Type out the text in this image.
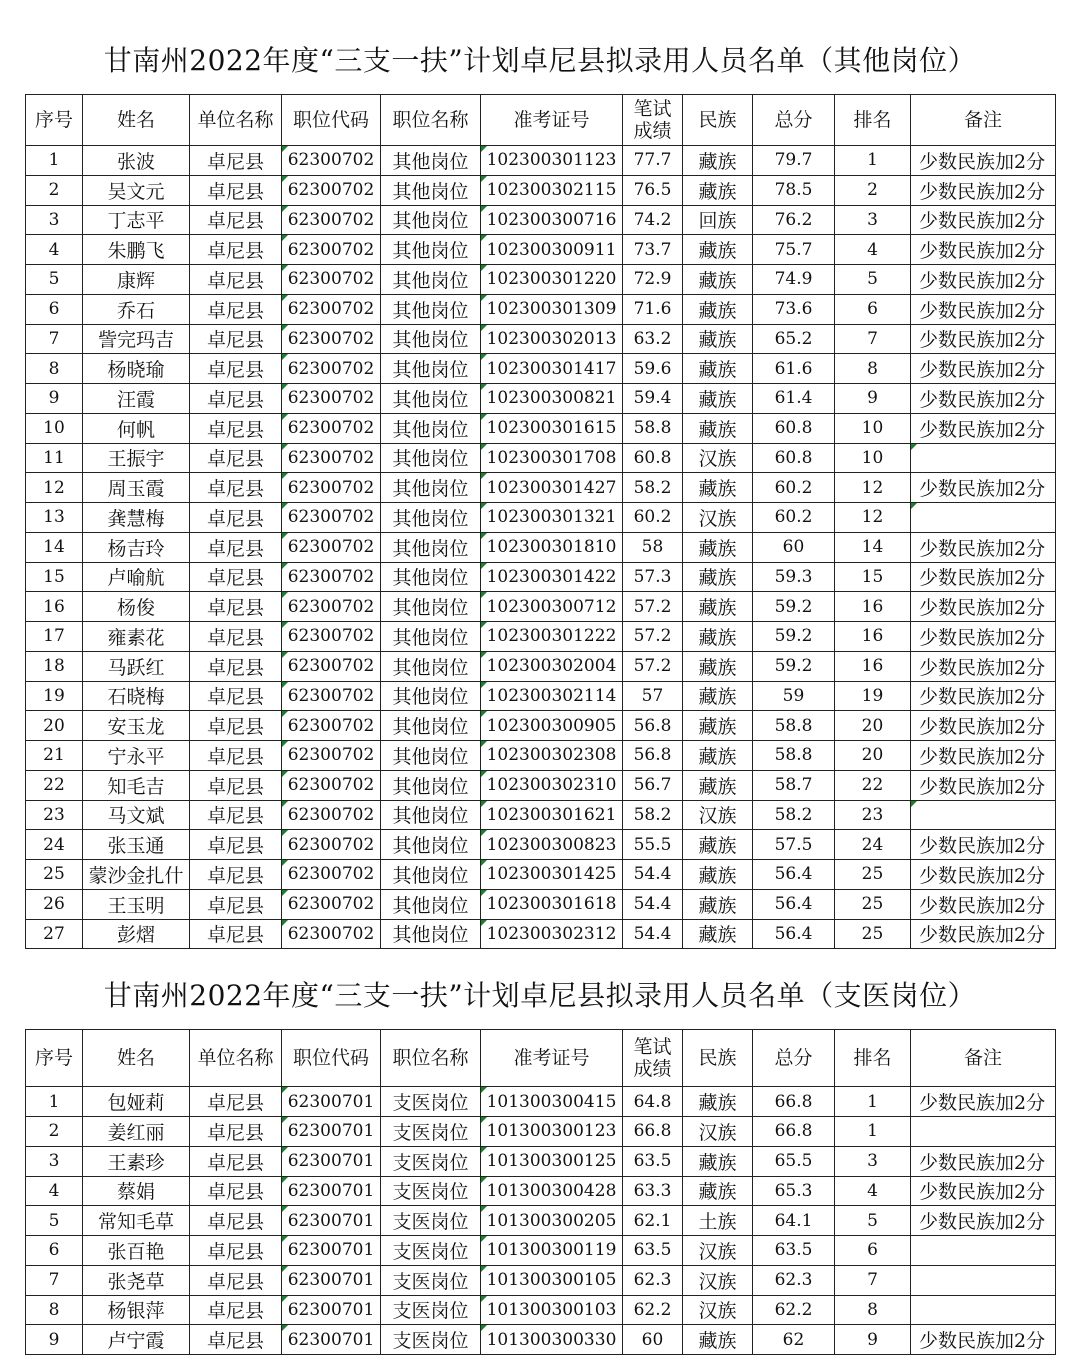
甘南州2022年度“三支一扶”计划卓尼县拟录用人员名单（其他岗位）
序号	姓名	单位名称	职位代码	职位名称	准考证号	笔试
成绩	民族	总分	排名	备注
1	张波	卓尼县	62300702	其他岗位	102300301123	77.7	藏族	79.7	1	少数民族加2分
2	吴文元	卓尼县	62300702	其他岗位	102300302115	76.5	藏族	78.5	2	少数民族加2分
3	丁志平	卓尼县	62300702	其他岗位	102300300716	74.2	回族	76.2	3	少数民族加2分
4	朱鹏飞	卓尼县	62300702	其他岗位	102300300911	73.7	藏族	75.7	4	少数民族加2分
5	康辉	卓尼县	62300702	其他岗位	102300301220	72.9	藏族	74.9	5	少数民族加2分
6	乔石	卓尼县	62300702	其他岗位	102300301309	71.6	藏族	73.6	6	少数民族加2分
7	訾完玛吉	卓尼县	62300702	其他岗位	102300302013	63.2	藏族	65.2	7	少数民族加2分
8	杨晓瑜	卓尼县	62300702	其他岗位	102300301417	59.6	藏族	61.6	8	少数民族加2分
9	汪霞	卓尼县	62300702	其他岗位	102300300821	59.4	藏族	61.4	9	少数民族加2分
10	何帆	卓尼县	62300702	其他岗位	102300301615	58.8	藏族	60.8	10	少数民族加2分
11	王振宇	卓尼县	62300702	其他岗位	102300301708	60.8	汉族	60.8	10	
12	周玉霞	卓尼县	62300702	其他岗位	102300301427	58.2	藏族	60.2	12	少数民族加2分
13	龚慧梅	卓尼县	62300702	其他岗位	102300301321	60.2	汉族	60.2	12	
14	杨吉玲	卓尼县	62300702	其他岗位	102300301810	58	藏族	60	14	少数民族加2分
15	卢喻航	卓尼县	62300702	其他岗位	102300301422	57.3	藏族	59.3	15	少数民族加2分
16	杨俊	卓尼县	62300702	其他岗位	102300300712	57.2	藏族	59.2	16	少数民族加2分
17	雍素花	卓尼县	62300702	其他岗位	102300301222	57.2	藏族	59.2	16	少数民族加2分
18	马跃红	卓尼县	62300702	其他岗位	102300302004	57.2	藏族	59.2	16	少数民族加2分
19	石晓梅	卓尼县	62300702	其他岗位	102300302114	57	藏族	59	19	少数民族加2分
20	安玉龙	卓尼县	62300702	其他岗位	102300300905	56.8	藏族	58.8	20	少数民族加2分
21	宁永平	卓尼县	62300702	其他岗位	102300302308	56.8	藏族	58.8	20	少数民族加2分
22	知毛吉	卓尼县	62300702	其他岗位	102300302310	56.7	藏族	58.7	22	少数民族加2分
23	马文斌	卓尼县	62300702	其他岗位	102300301621	58.2	汉族	58.2	23	
24	张玉通	卓尼县	62300702	其他岗位	102300300823	55.5	藏族	57.5	24	少数民族加2分
25	蒙沙金扎什	卓尼县	62300702	其他岗位	102300301425	54.4	藏族	56.4	25	少数民族加2分
26	王玉明	卓尼县	62300702	其他岗位	102300301618	54.4	藏族	56.4	25	少数民族加2分
27	彭熠	卓尼县	62300702	其他岗位	102300302312	54.4	藏族	56.4	25	少数民族加2分
甘南州2022年度“三支一扶”计划卓尼县拟录用人员名单（支医岗位）
序号	姓名	单位名称	职位代码	职位名称	准考证号	笔试
成绩	民族	总分	排名	备注
1	包娅莉	卓尼县	62300701	支医岗位	101300300415	64.8	藏族	66.8	1	少数民族加2分
2	姜红丽	卓尼县	62300701	支医岗位	101300300123	66.8	汉族	66.8	1	
3	王素珍	卓尼县	62300701	支医岗位	101300300125	63.5	藏族	65.5	3	少数民族加2分
4	蔡娟	卓尼县	62300701	支医岗位	101300300428	63.3	藏族	65.3	4	少数民族加2分
5	常知毛草	卓尼县	62300701	支医岗位	101300300205	62.1	土族	64.1	5	少数民族加2分
6	张百艳	卓尼县	62300701	支医岗位	101300300119	63.5	汉族	63.5	6	
7	张尧草	卓尼县	62300701	支医岗位	101300300105	62.3	汉族	62.3	7	
8	杨银萍	卓尼县	62300701	支医岗位	101300300103	62.2	汉族	62.2	8	
9	卢宁霞	卓尼县	62300701	支医岗位	101300300330	60	藏族	62	9	少数民族加2分
